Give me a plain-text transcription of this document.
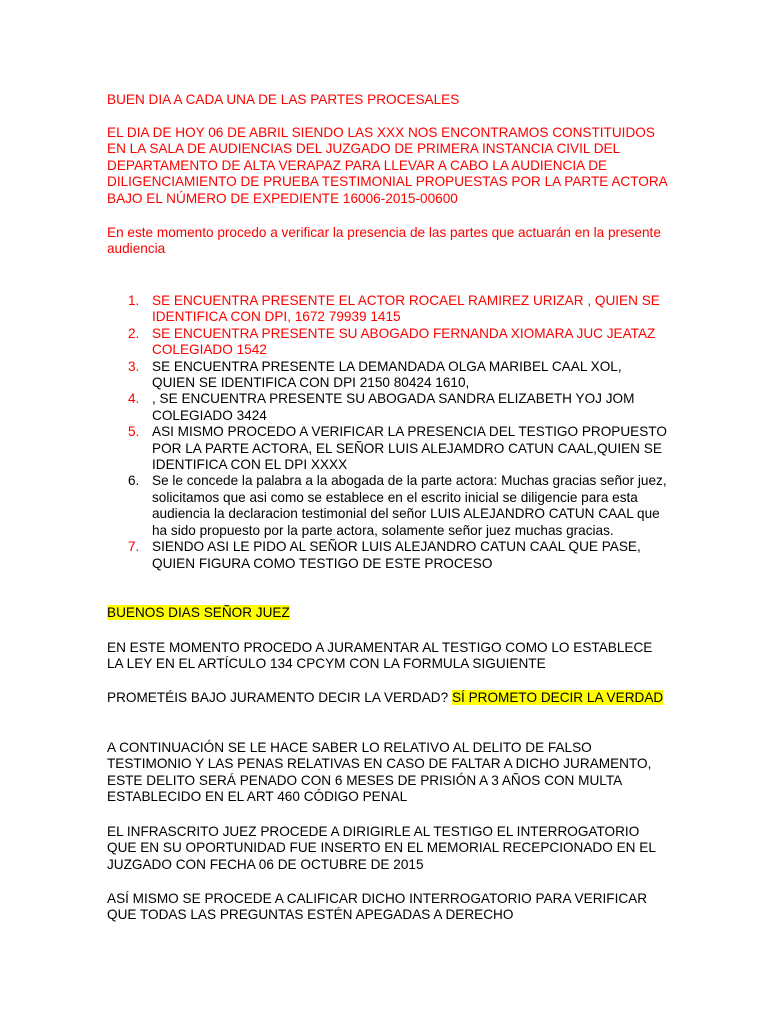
BUEN DIA A CADA UNA DE LAS PARTES PROCESALES

EL DIA DE HOY 06 DE ABRIL SIENDO LAS XXX NOS ENCONTRAMOS CONSTITUIDOS EN LA SALA DE AUDIENCIAS DEL JUZGADO DE PRIMERA INSTANCIA CIVIL DEL DEPARTAMENTO DE ALTA VERAPAZ PARA LLEVAR A CABO LA AUDIENCIA DE DILIGENCIAMIENTO DE PRUEBA TESTIMONIAL PROPUESTAS POR LA PARTE ACTORA BAJO EL NÚMERO DE EXPEDIENTE 16006-2015-00600

En este momento procedo a verificar la presencia de las partes que actuarán en la presente audiencia

1. SE ENCUENTRA PRESENTE EL ACTOR ROCAEL RAMIREZ URIZAR , QUIEN SE IDENTIFICA CON DPI, 1672 79939 1415
2. SE ENCUENTRA PRESENTE SU ABOGADO FERNANDA XIOMARA JUC JEATAZ COLEGIADO 1542
3. SE ENCUENTRA PRESENTE LA DEMANDADA OLGA MARIBEL CAAL XOL, QUIEN SE IDENTIFICA CON DPI 2150 80424 1610,
4. , SE ENCUENTRA PRESENTE SU ABOGADA SANDRA ELIZABETH YOJ JOM COLEGIADO 3424
5. ASI MISMO PROCEDO A VERIFICAR LA PRESENCIA DEL TESTIGO PROPUESTO POR LA PARTE ACTORA, EL SEÑOR LUIS ALEJAMDRO CATUN CAAL,QUIEN SE IDENTIFICA CON EL DPI XXXX
6. Se le concede la palabra a la abogada de la parte actora: Muchas gracias señor juez, solicitamos que asi como se establece en el escrito inicial se diligencie para esta audiencia la declaracion testimonial del señor LUIS ALEJANDRO CATUN CAAL que ha sido propuesto por la parte actora, solamente señor juez muchas gracias.
7. SIENDO ASI LE PIDO AL SEÑOR LUIS ALEJANDRO CATUN CAAL QUE PASE, QUIEN FIGURA COMO TESTIGO DE ESTE PROCESO

BUENOS DIAS SEÑOR JUEZ

EN ESTE MOMENTO PROCEDO A JURAMENTAR AL TESTIGO COMO LO ESTABLECE LA LEY EN EL ARTÍCULO 134 CPCYM CON LA FORMULA SIGUIENTE

PROMETÉIS BAJO JURAMENTO DECIR LA VERDAD? SÍ PROMETO DECIR LA VERDAD

A CONTINUACIÓN SE LE HACE SABER LO RELATIVO AL DELITO DE FALSO TESTIMONIO Y LAS PENAS RELATIVAS EN CASO DE FALTAR A DICHO JURAMENTO, ESTE DELITO SERÁ PENADO CON 6 MESES DE PRISIÓN A 3 AÑOS CON MULTA ESTABLECIDO EN EL ART 460 CÓDIGO PENAL

EL INFRASCRITO JUEZ PROCEDE A DIRIGIRLE AL TESTIGO EL INTERROGATORIO QUE EN SU OPORTUNIDAD FUE INSERTO EN EL MEMORIAL RECEPCIONADO EN EL JUZGADO CON FECHA 06 DE OCTUBRE DE 2015

ASÍ MISMO SE PROCEDE A CALIFICAR DICHO INTERROGATORIO PARA VERIFICAR QUE TODAS LAS PREGUNTAS ESTÉN APEGADAS A DERECHO
